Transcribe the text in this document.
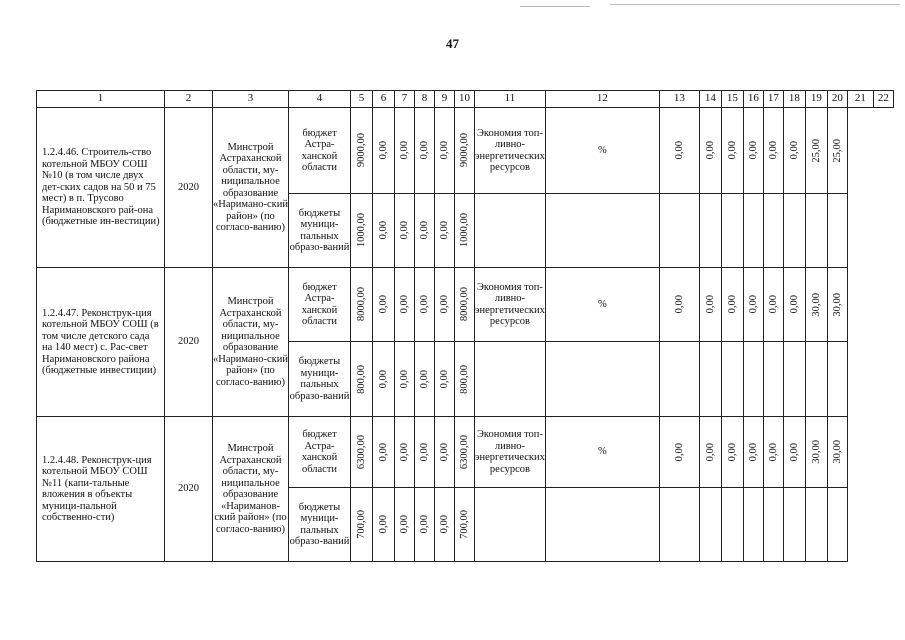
47
1	2	3	4	5	6	7	8	9	10	11	12	13	14	15	16	17	18	19	20	21	22
1.2.4.46. Строитель-ство котельной МБОУ СОШ №10 (в том числе двух дет-ских садов на 50 и 75 мест) в п. Трусово Наримановского рай-она (бюджетные ин-вестиции)	2020	Минстрой Астраханской области, му-ниципальное образование «Наримано-ский район» (по согласо-ванию)	бюджет Астра-ханской области	9000,00	0,00	0,00	0,00	0,00	9000,00	Экономия топ-ливно-энергетических ресурсов	%	0,00	0,00	0,00	0,00	0,00	0,00	25,00	25,00		

			бюджеты муници-пальных образо-ваний	1000,00	0,00	0,00	0,00	0,00	1000,00												

1.2.4.47. Реконструк-ция котельной МБОУ СОШ (в том числе детского сада на 140 мест) с. Рас-свет Наримановского района (бюджетные инвестиции)	2020	Минстрой Астраханской области, му-ниципальное образование «Наримано-ский район» (по согласо-ванию)	бюджет Астра-ханской области	8000,00	0,00	0,00	0,00	0,00	8000,00	Экономия топ-ливно-энергетических ресурсов	%	0,00	0,00	0,00	0,00	0,00	0,00	30,00	30,00		

			бюджеты муници-пальных образо-ваний	800,00	0,00	0,00	0,00	0,00	800,00												

1.2.4.48. Реконструк-ция котельной МБОУ СОШ №11 (капи-тальные вложения в объекты муници-пальной собственно-сти)	2020	Минстрой Астраханской области, му-ниципальное образование «Нариманов-ский район» (по согласо-ванию)	бюджет Астра-ханской области	6300,00	0,00	0,00	0,00	0,00	6300,00	Экономия топ-ливно-энергетических ресурсов	%	0,00	0,00	0,00	0,00	0,00	0,00	30,00	30,00		

			бюджеты муници-пальных образо-ваний	700,00	0,00	0,00	0,00	0,00	700,00												
